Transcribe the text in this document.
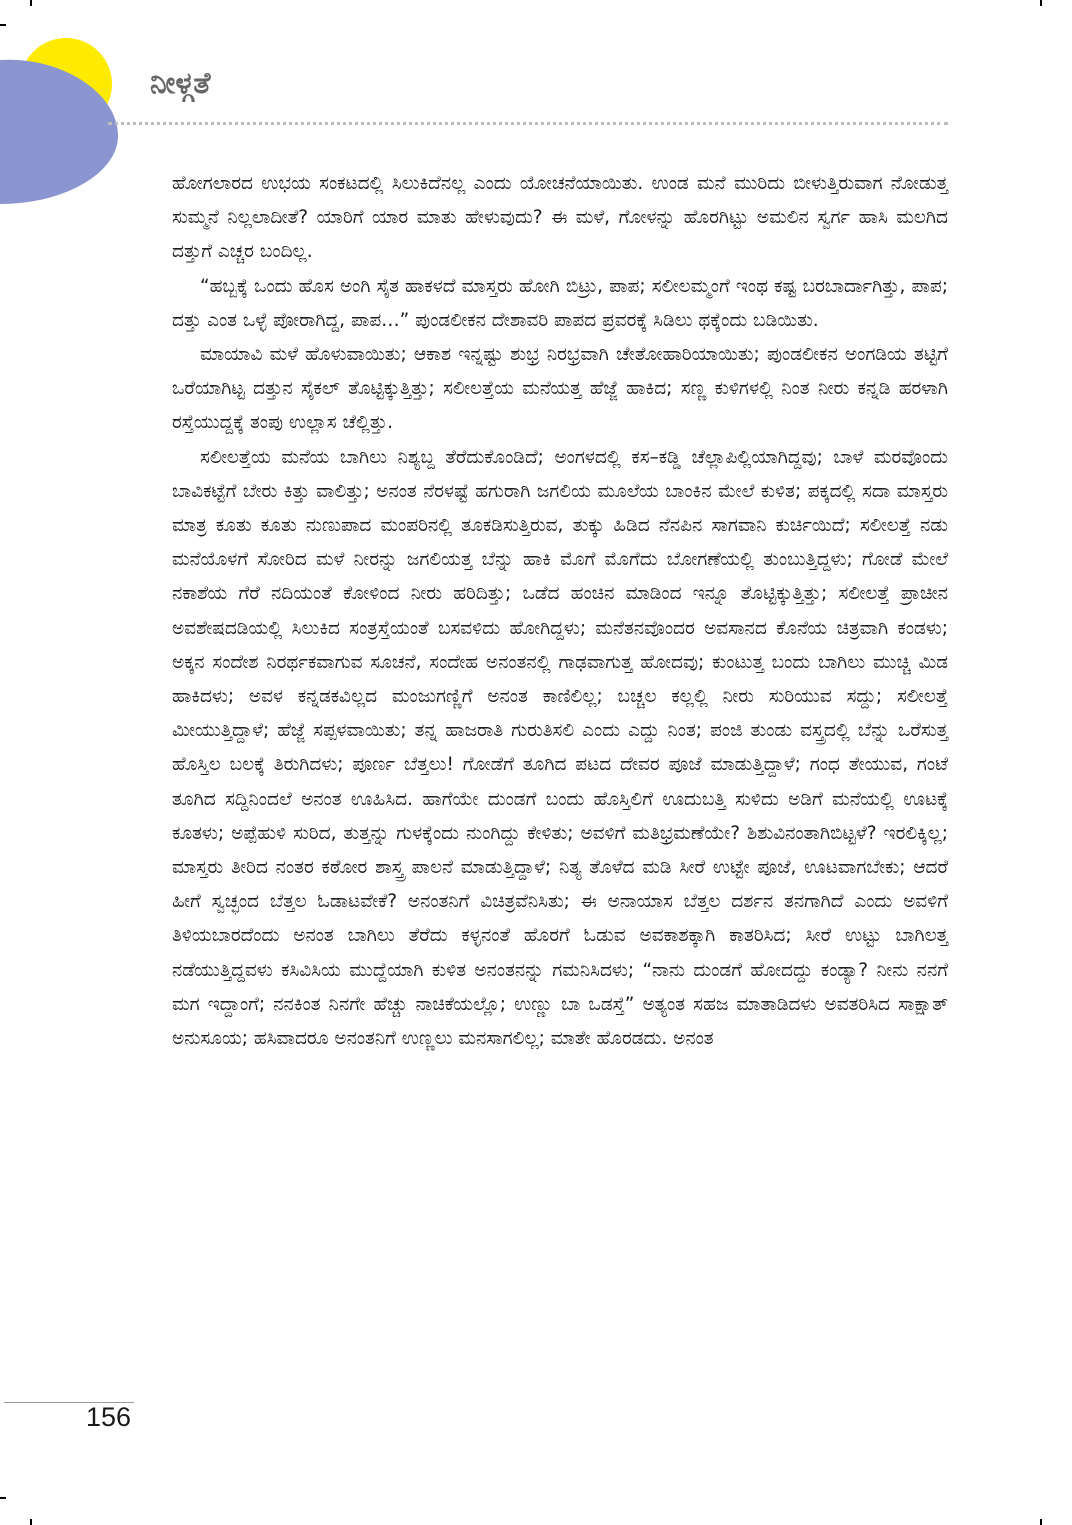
ನೀಳ್ಗತೆ

ಹೋಗಲಾರದ ಉಭಯ ಸಂಕಟದಲ್ಲಿ ಸಿಲುಕಿದೆನಲ್ಲ ಎಂದು ಯೋಚನೆಯಾಯಿತು. ಉಂಡ ಮನೆ ಮುರಿದು ಬೀಳುತ್ತಿರುವಾಗ ನೋಡುತ್ತ ಸುಮ್ಮನೆ ನಿಲ್ಲಲಾದೀತೆ? ಯಾರಿಗೆ ಯಾರ ಮಾತು ಹೇಳುವುದು? ಈ ಮಳೆ, ಗೋಳನ್ನು ಹೊರಗಿಟ್ಟು ಅಮಲಿನ ಸ್ವರ್ಗ ಹಾಸಿ ಮಲಗಿದ ದತ್ತುಗೆ ಎಚ್ಚರ ಬಂದಿಲ್ಲ.

“ಹಬ್ಬಕ್ಕೆ ಒಂದು ಹೊಸ ಅಂಗಿ ಸೈತ ಹಾಕಳದೆ ಮಾಸ್ತರು ಹೋಗಿ ಬಿಟ್ರು, ಪಾಪ; ಸಲೀಲಮ್ಮಂಗೆ ಇಂಥ ಕಷ್ಟ ಬರಬಾರ್ದಾಗಿತ್ತು, ಪಾಪ; ದತ್ತು ಎಂತ ಒಳ್ಳೆ ಪೋರಾಗಿದ್ದ, ಪಾಪ…” ಪುಂಡಲೀಕನ ದೇಶಾವರಿ ಪಾಪದ ಪ್ರವರಕ್ಕೆ ಸಿಡಿಲು ಥಕ್ಕೆಂದು ಬಡಿಯಿತು.

ಮಾಯಾವಿ ಮಳೆ ಹೊಳುವಾಯಿತು; ಆಕಾಶ ಇನ್ನಷ್ಟು ಶುಭ್ರ ನಿರಭ್ರವಾಗಿ ಚೇತೋಹಾರಿಯಾಯಿತು; ಪುಂಡಲೀಕನ ಅಂಗಡಿಯ ತಟ್ಟಿಗೆ ಒರೆಯಾಗಿಟ್ಟ ದತ್ತುನ ಸೈಕಲ್ ತೊಟ್ಟಿಕ್ಕುತ್ತಿತ್ತು; ಸಲೀಲತ್ತೆಯ ಮನೆಯತ್ತ ಹೆಜ್ಜೆ ಹಾಕಿದ; ಸಣ್ಣ ಕುಳಿಗಳಲ್ಲಿ ನಿಂತ ನೀರು ಕನ್ನಡಿ ಹರಳಾಗಿ ರಸ್ತೆಯುದ್ದಕ್ಕೆ ತಂಪು ಉಲ್ಲಾಸ ಚೆಲ್ಲಿತ್ತು.

ಸಲೀಲತ್ತೆಯ ಮನೆಯ ಬಾಗಿಲು ನಿಶ್ಯಬ್ದ ತೆರೆದುಕೊಂಡಿದೆ; ಅಂಗಳದಲ್ಲಿ ಕಸ–ಕಡ್ಡಿ ಚೆಲ್ಲಾಪಿಲ್ಲಿಯಾಗಿದ್ದವು; ಬಾಳೆ ಮರವೊಂದು ಬಾವಿಕಟ್ಟೆಗೆ ಬೇರು ಕಿತ್ತು ವಾಲಿತ್ತು; ಅನಂತ ನೆರಳಷ್ಟೆ ಹಗುರಾಗಿ ಜಗಲಿಯ ಮೂಲೆಯ ಬಾಂಕಿನ ಮೇಲೆ ಕುಳಿತ; ಪಕ್ಕದಲ್ಲಿ ಸದಾ ಮಾಸ್ತರು ಮಾತ್ರ ಕೂತು ಕೂತು ನುಣುಪಾದ ಮಂಪರಿನಲ್ಲಿ ತೂಕಡಿಸುತ್ತಿರುವ, ತುಕ್ಕು ಹಿಡಿದ ನೆನಪಿನ ಸಾಗವಾನಿ ಕುರ್ಚಿಯಿದೆ; ಸಲೀಲತ್ತೆ ನಡು ಮನೆಯೊಳಗೆ ಸೋರಿದ ಮಳೆ ನೀರನ್ನು ಜಗಲಿಯತ್ತ ಬೆನ್ನು ಹಾಕಿ ಮೊಗೆ ಮೊಗೆದು ಬೋಗಣೆಯಲ್ಲಿ ತುಂಬುತ್ತಿದ್ದಳು; ಗೋಡೆ ಮೇಲೆ ನಕಾಶೆಯ ಗೆರೆ ನದಿಯಂತೆ ಕೋಳಿಂದ ನೀರು ಹರಿದಿತ್ತು; ಒಡೆದ ಹಂಚಿನ ಮಾಡಿಂದ ಇನ್ನೂ ತೊಟ್ಟಿಕ್ಕುತ್ತಿತ್ತು; ಸಲೀಲತ್ತೆ ಪ್ರಾಚೀನ ಅವಶೇಷದಡಿಯಲ್ಲಿ ಸಿಲುಕಿದ ಸಂತ್ರಸ್ತೆಯಂತೆ ಬಸವಳಿದು ಹೋಗಿದ್ದಳು; ಮನೆತನವೊಂದರ ಅವಸಾನದ ಕೊನೆಯ ಚಿತ್ರವಾಗಿ ಕಂಡಳು; ಅಕ್ಕನ ಸಂದೇಶ ನಿರರ್ಥಕವಾಗುವ ಸೂಚನೆ, ಸಂದೇಹ ಅನಂತನಲ್ಲಿ ಗಾಢವಾಗುತ್ತ ಹೋದವು; ಕುಂಟುತ್ತ ಬಂದು ಬಾಗಿಲು ಮುಚ್ಚಿ ಮಿಡ ಹಾಕಿದಳು; ಅವಳ ಕನ್ನಡಕವಿಲ್ಲದ ಮಂಜುಗಣ್ಣಿಗೆ ಅನಂತ ಕಾಣಿಲಿಲ್ಲ; ಬಚ್ಚಲ ಕಲ್ಲಲ್ಲಿ ನೀರು ಸುರಿಯುವ ಸದ್ದು; ಸಲೀಲತ್ತೆ ಮೀಯುತ್ತಿದ್ದಾಳೆ; ಹೆಜ್ಜೆ ಸಪ್ಪಳವಾಯಿತು; ತನ್ನ ಹಾಜರಾತಿ ಗುರುತಿಸಲಿ ಎಂದು ಎದ್ದು ನಿಂತ; ಪಂಜಿ ತುಂಡು ವಸ್ತ್ರದಲ್ಲಿ ಬೆನ್ನು ಒರೆಸುತ್ತ ಹೊಸ್ತಿಲ ಬಲಕ್ಕೆ ತಿರುಗಿದಳು; ಪೂರ್ಣ ಬೆತ್ತಲು! ಗೋಡೆಗೆ ತೂಗಿದ ಪಟದ ದೇವರ ಪೂಜೆ ಮಾಡುತ್ತಿದ್ದಾಳೆ; ಗಂಧ ತೇಯುವ, ಗಂಟೆ ತೂಗಿದ ಸದ್ದಿನಿಂದಲೆ ಅನಂತ ಊಹಿಸಿದ. ಹಾಗೆಯೇ ದುಂಡಗೆ ಬಂದು ಹೊಸ್ತಿಲಿಗೆ ಊದುಬತ್ತಿ ಸುಳಿದು ಅಡಿಗೆ ಮನೆಯಲ್ಲಿ ಊಟಕ್ಕೆ ಕೂತಳು; ಅಪ್ಪೆಹುಳಿ ಸುರಿದ, ತುತ್ತನ್ನು ಗುಳಕ್ಕೆಂದು ನುಂಗಿದ್ದು ಕೇಳಿತು; ಅವಳಿಗೆ ಮತಿಭ್ರಮಣೆಯೇ? ಶಿಶುವಿನಂತಾಗಿಬಿಟ್ಟಳೆ? ಇರಲಿಕ್ಕಿಲ್ಲ; ಮಾಸ್ತರು ತೀರಿದ ನಂತರ ಕಠೋರ ಶಾಸ್ತ್ರ ಪಾಲನೆ ಮಾಡುತ್ತಿದ್ದಾಳೆ; ನಿತ್ಯ ತೊಳೆದ ಮಡಿ ಸೀರೆ ಉಟ್ಟೇ ಪೂಜೆ, ಊಟವಾಗಬೇಕು; ಆದರೆ ಹೀಗೆ ಸ್ವಚ್ಛಂದ ಬೆತ್ತಲ ಓಡಾಟವೇಕೆ? ಅನಂತನಿಗೆ ವಿಚಿತ್ರವೆನಿಸಿತು; ಈ ಅನಾಯಾಸ ಬೆತ್ತಲ ದರ್ಶನ ತನಗಾಗಿದೆ ಎಂದು ಅವಳಿಗೆ ತಿಳಿಯಬಾರದೆಂದು ಅನಂತ ಬಾಗಿಲು ತೆರೆದು ಕಳ್ಳನಂತೆ ಹೊರಗೆ ಓಡುವ ಅವಕಾಶಕ್ಕಾಗಿ ಕಾತರಿಸಿದ; ಸೀರೆ ಉಟ್ಟು ಬಾಗಿಲತ್ತ ನಡೆಯುತ್ತಿದ್ದವಳು ಕಸಿವಿಸಿಯ ಮುದ್ದೆಯಾಗಿ ಕುಳಿತ ಅನಂತನನ್ನು ಗಮನಿಸಿದಳು; “ನಾನು ದುಂಡಗೆ ಹೋದದ್ದು ಕಂಡ್ಯಾ? ನೀನು ನನಗೆ ಮಗ ಇದ್ದಾಂಗೆ; ನನಕಿಂತ ನಿನಗೇ ಹೆಚ್ಚು ನಾಚಿಕೆಯಲ್ಲೊ; ಉಣ್ಣು ಬಾ ಒಡಸ್ತೆ” ಅತ್ಯಂತ ಸಹಜ ಮಾತಾಡಿದಳು ಅವತರಿಸಿದ ಸಾಕ್ಷಾತ್ ಅನುಸೂಯ; ಹಸಿವಾದರೂ ಅನಂತನಿಗೆ ಉಣ್ಣಲು ಮನಸಾಗಲಿಲ್ಲ; ಮಾತೇ ಹೊರಡದು. ಅನಂತ

156
